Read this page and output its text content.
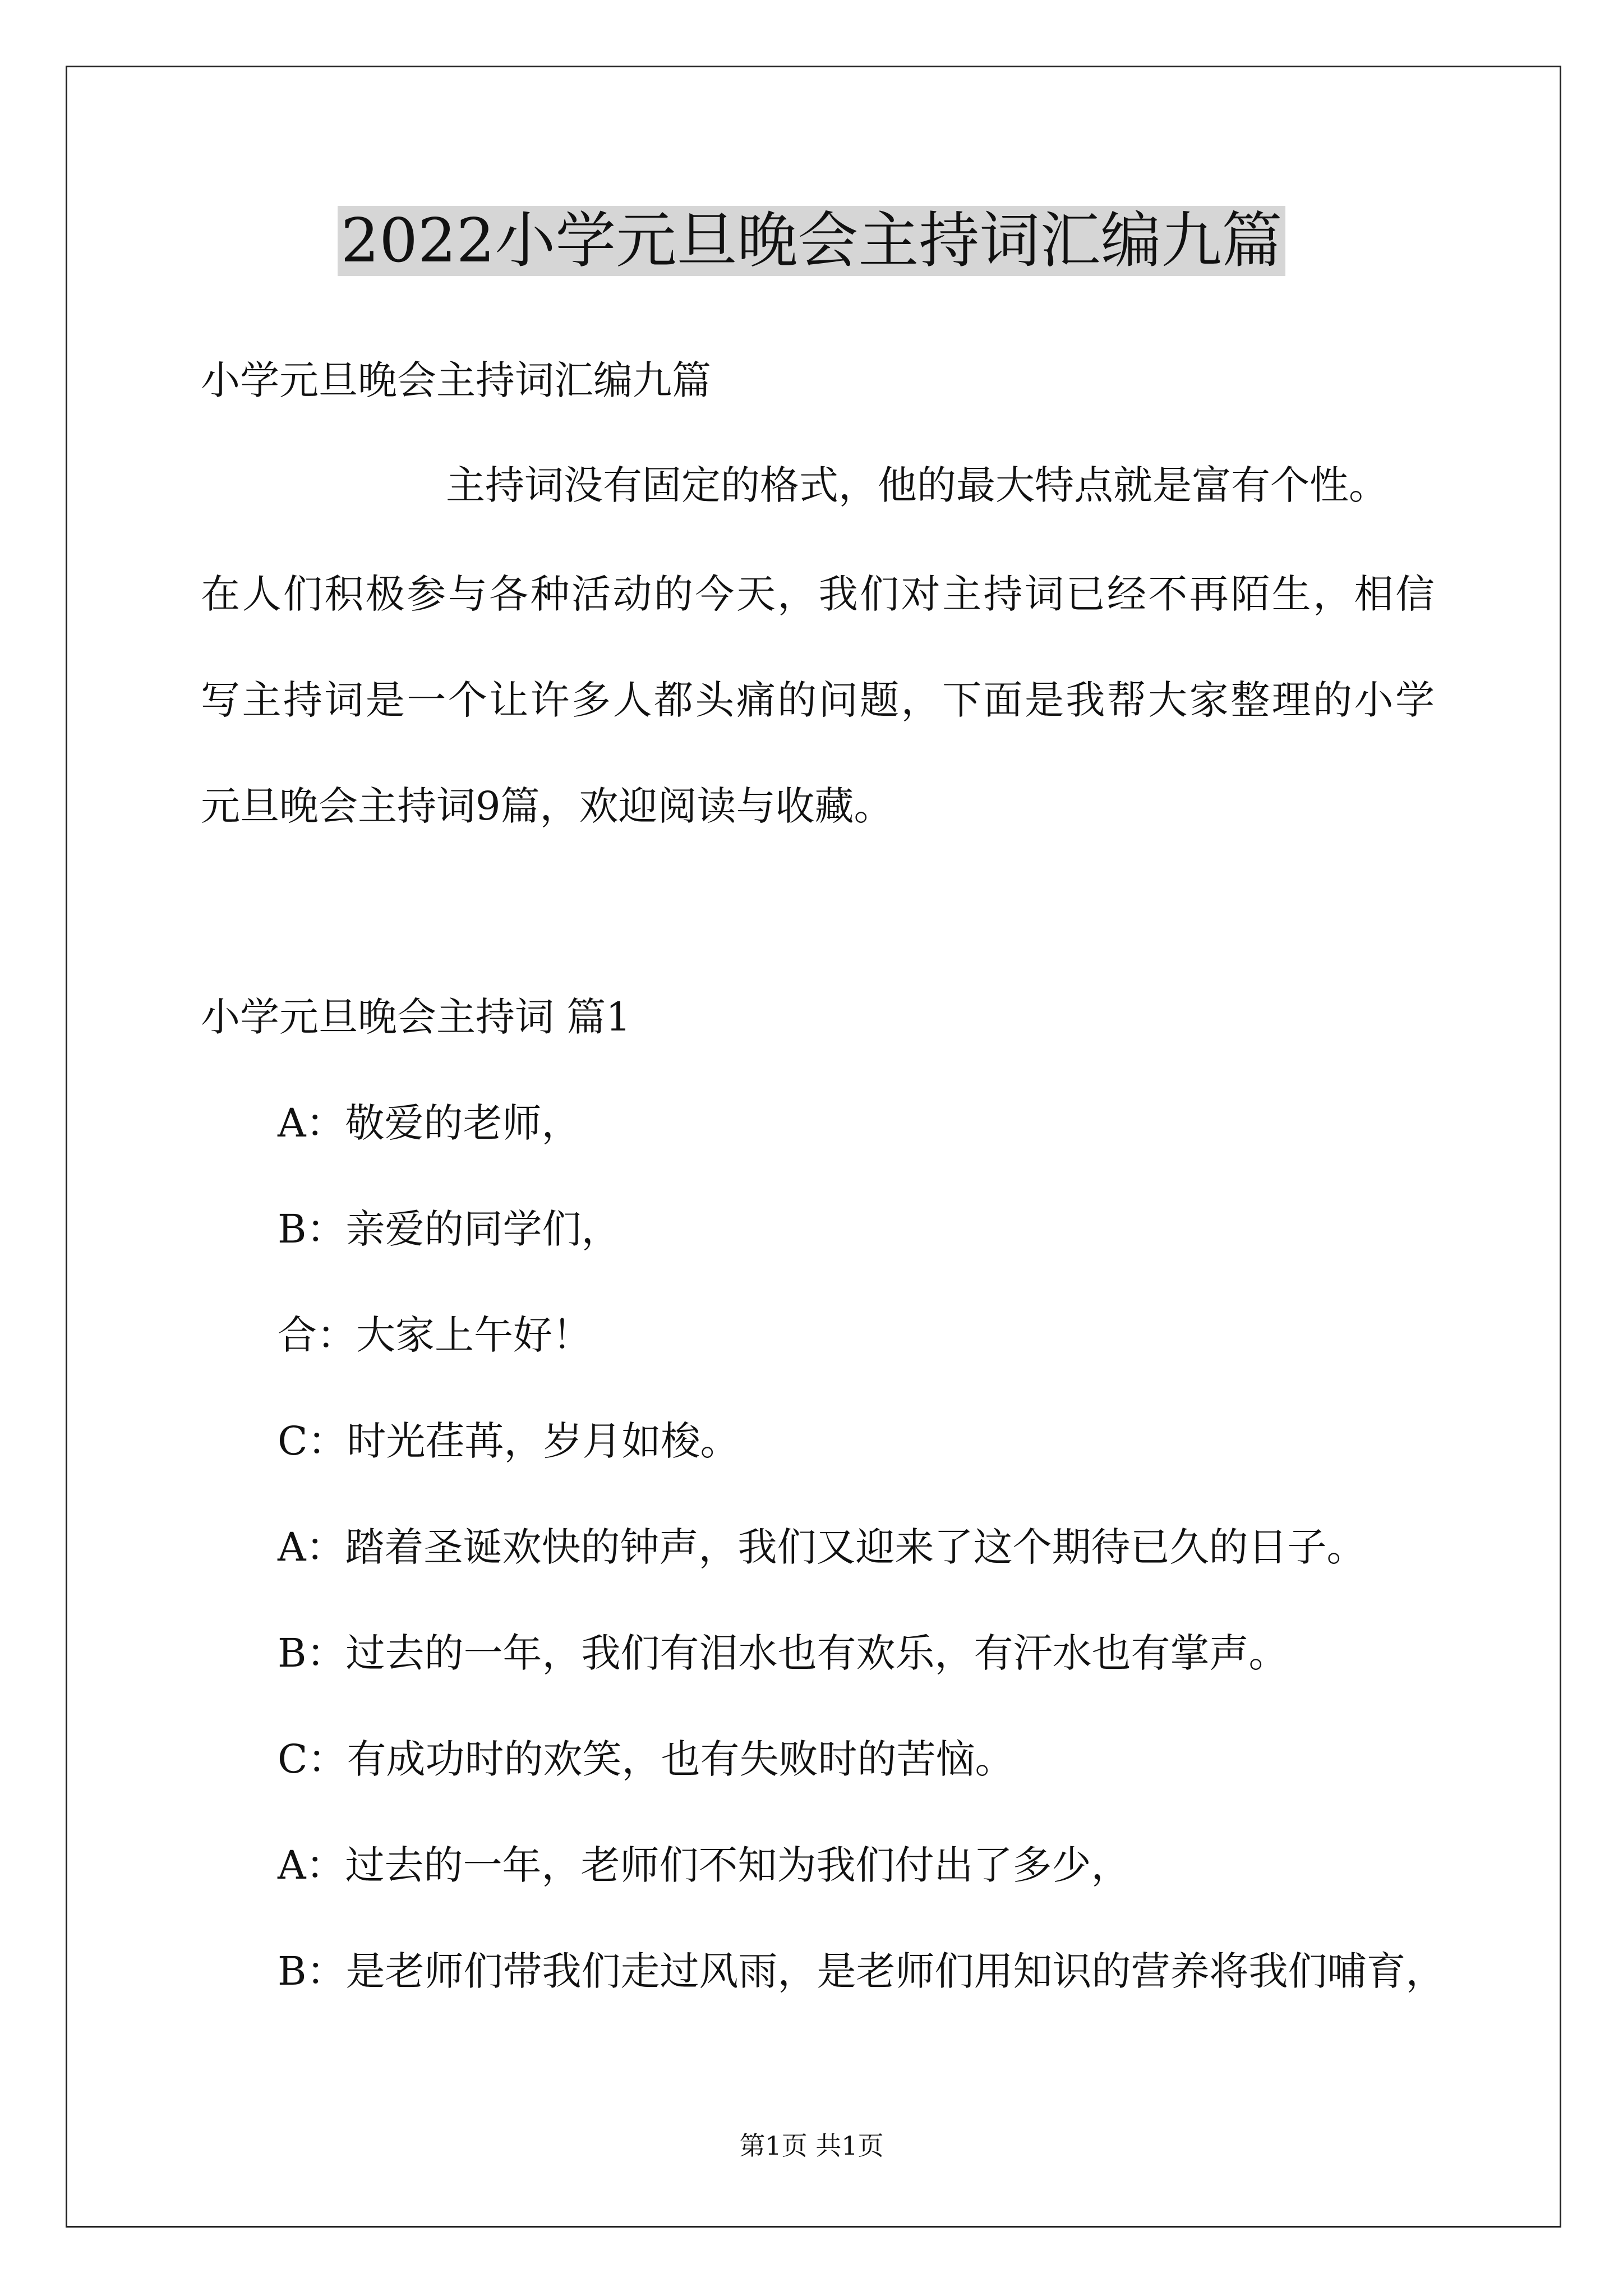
2022小学元旦晚会主持词汇编九篇
小学元旦晚会主持词汇编九篇
主持词没有固定的格式，他的最大特点就是富有个性。
在人们积极参与各种活动的今天，我们对主持词已经不再陌生，相信
写主持词是一个让许多人都头痛的问题，下面是我帮大家整理的小学
元旦晚会主持词9篇，欢迎阅读与收藏。
小学元旦晚会主持词 篇1
A：敬爱的老师，
B：亲爱的同学们，
合：大家上午好！
C：时光荏苒，岁月如梭。
A：踏着圣诞欢快的钟声，我们又迎来了这个期待已久的日子。
B：过去的一年，我们有泪水也有欢乐，有汗水也有掌声。
C：有成功时的欢笑，也有失败时的苦恼。
A：过去的一年，老师们不知为我们付出了多少，
B：是老师们带我们走过风雨，是老师们用知识的营养将我们哺育，
第1页 共1页
